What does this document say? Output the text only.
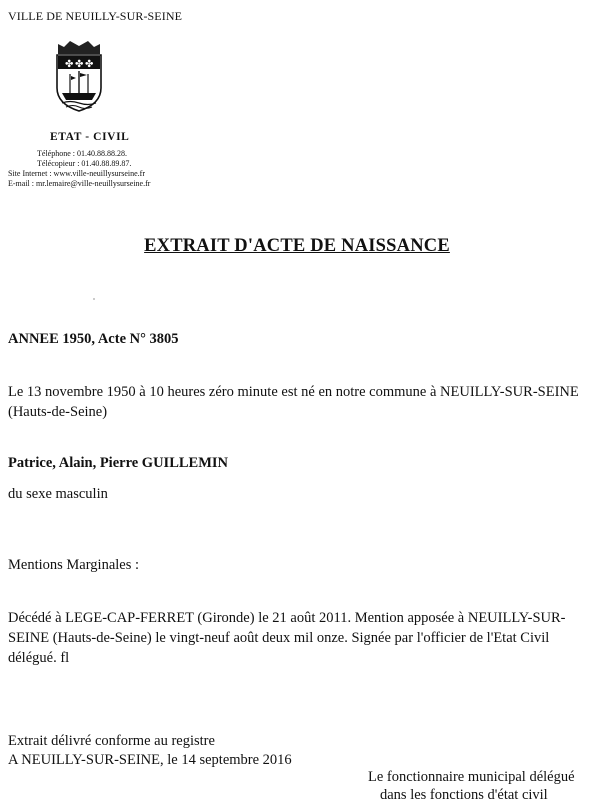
VILLE DE NEUILLY-SUR-SEINE
✤ ✤ ✤
ETAT - CIVIL
Téléphone : 01.40.88.88.28.
Télécopieur : 01.40.88.89.87.
Site Internet : www.ville-neuillysurseine.fr
E-mail : mr.lemaire@ville-neuillysurseine.fr
EXTRAIT D'ACTE DE NAISSANCE
ANNEE 1950, Acte N° 3805
Le 13 novembre 1950 à 10 heures zéro minute est né en notre commune à NEUILLY-SUR-SEINE (Hauts-de-Seine)
Patrice, Alain, Pierre GUILLEMIN
du sexe masculin
Mentions Marginales :
Décédé à LEGE-CAP-FERRET (Gironde) le 21 août 2011. Mention apposée à NEUILLY-SUR-SEINE (Hauts-de-Seine) le vingt-neuf août deux mil onze. Signée par l'officier de l'Etat Civil délégué. fl
Extrait délivré conforme au registre
A NEUILLY-SUR-SEINE, le 14 septembre 2016
Le fonctionnaire municipal délégué
dans les fonctions d'état civil
